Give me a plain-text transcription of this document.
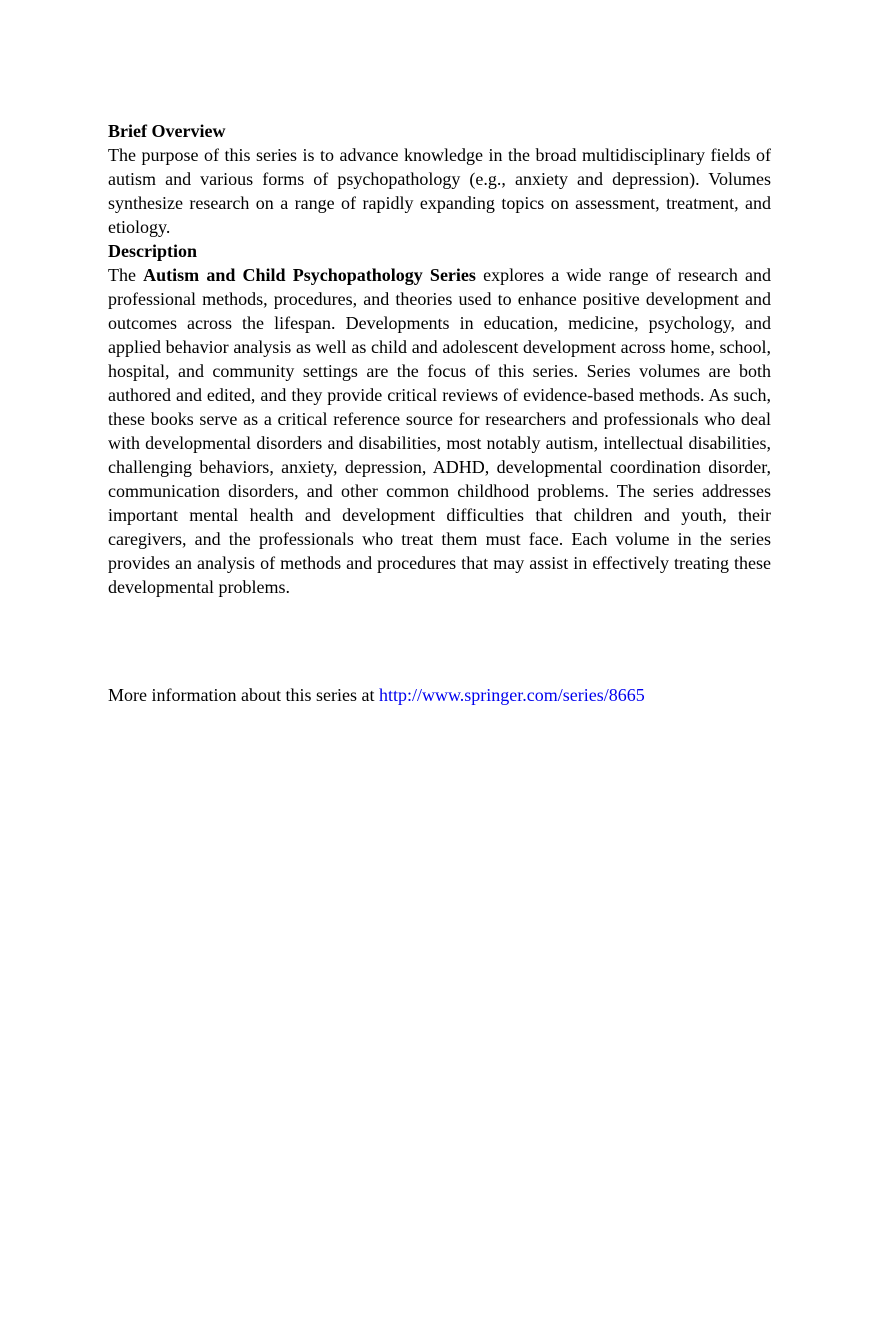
Brief Overview

The purpose of this series is to advance knowledge in the broad multidisciplinary fields of autism and various forms of psychopathology (e.g., anxiety and depression). Volumes synthesize research on a range of rapidly expanding topics on assessment, treatment, and etiology.

Description

The Autism and Child Psychopathology Series explores a wide range of research and professional methods, procedures, and theories used to enhance positive development and outcomes across the lifespan. Developments in education, medicine, psychology, and applied behavior analysis as well as child and adolescent development across home, school, hospital, and community settings are the focus of this series. Series volumes are both authored and edited, and they provide critical reviews of evidence-based methods. As such, these books serve as a critical reference source for researchers and professionals who deal with developmental disorders and disabilities, most notably autism, intellectual disabilities, challenging behaviors, anxiety, depression, ADHD, developmental coordination disorder, communication disorders, and other common childhood problems. The series addresses important mental health and development difficulties that children and youth, their caregivers, and the professionals who treat them must face. Each volume in the series provides an analysis of methods and procedures that may assist in effectively treating these developmental problems.

More information about this series at http://www.springer.com/series/8665
